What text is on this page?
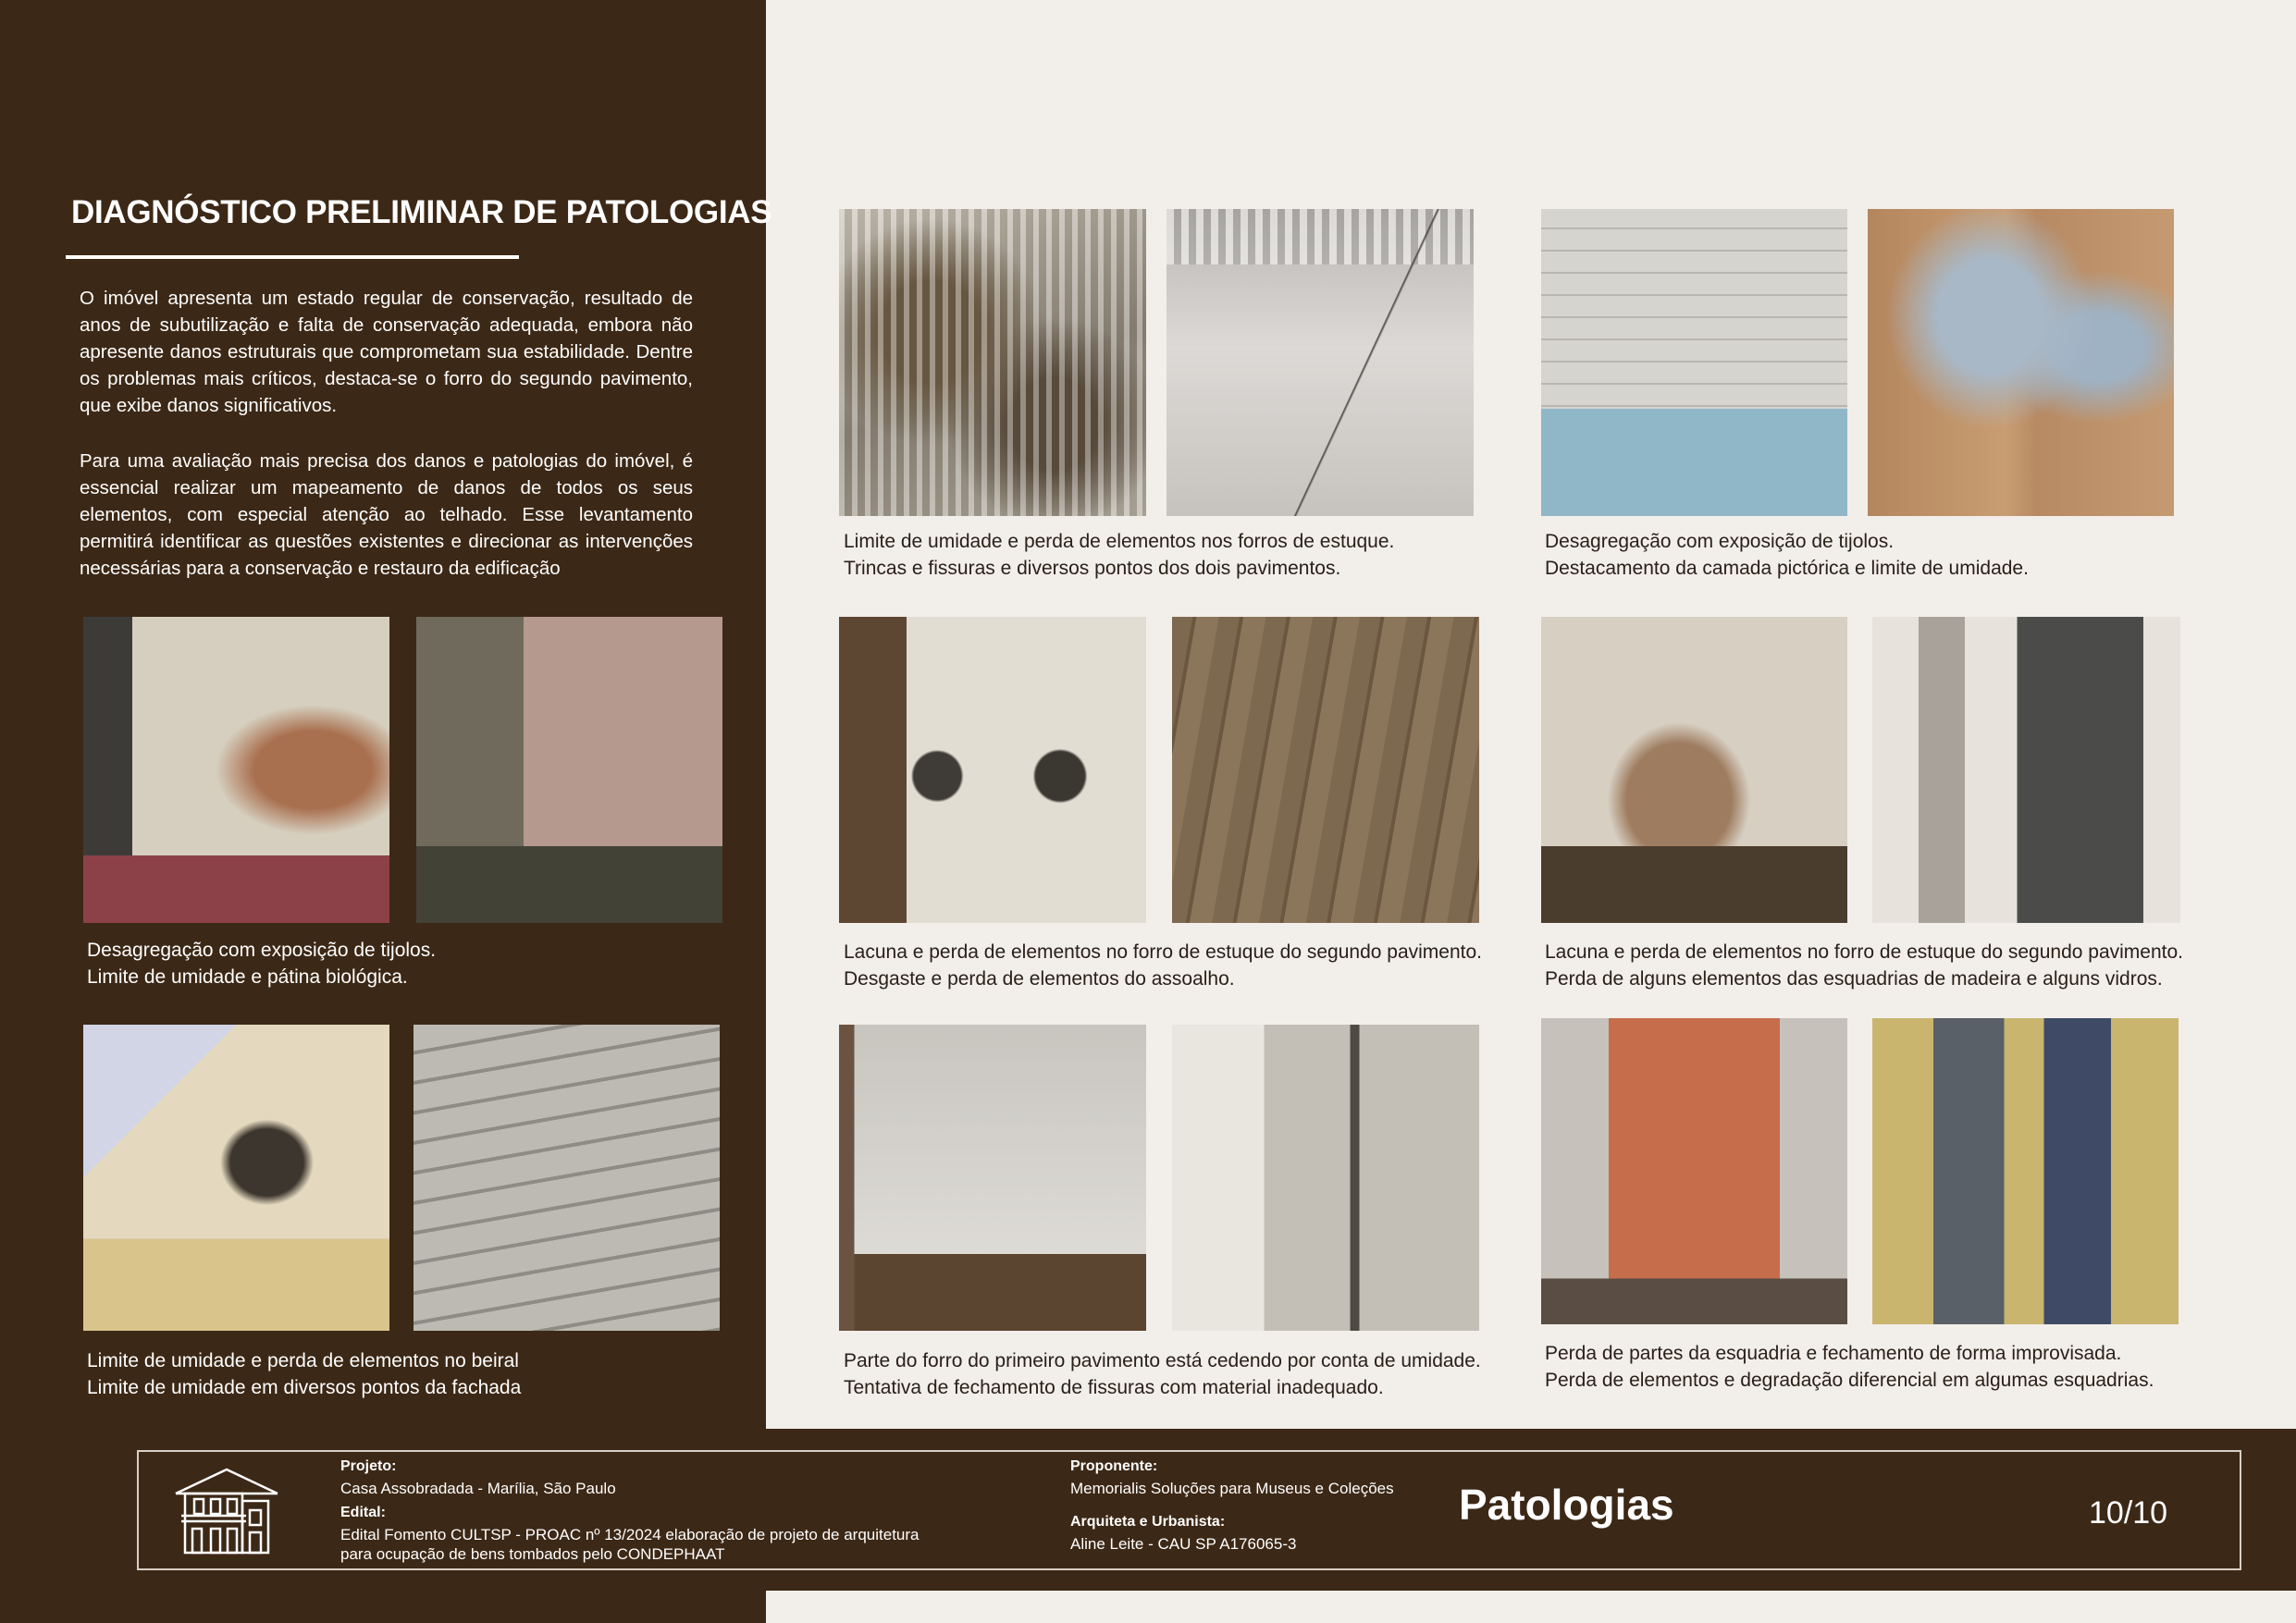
DIAGNÓSTICO PRELIMINAR DE PATOLOGIAS

O imóvel apresenta um estado regular de conservação, resultado de anos de subutilização e falta de conservação adequada, embora não apresente danos estruturais que comprometam sua estabilidade. Dentre os problemas mais críticos, destaca-se o forro do segundo pavimento, que exibe danos significativos.

Para uma avaliação mais precisa dos danos e patologias do imóvel, é essencial realizar um mapeamento de danos de todos os seus elementos, com especial atenção ao telhado. Esse levantamento permitirá identificar as questões existentes e direcionar as intervenções necessárias para a conservação e restauro da edificação

Limite de umidade e perda de elementos nos forros de estuque.
Trincas e fissuras e diversos pontos dos dois pavimentos.
Desagregação com exposição de tijolos.
Destacamento da camada pictórica e limite de umidade.
Desagregação com exposição de tijolos.
Limite de umidade e pátina biológica.
Lacuna e perda de elementos no forro de estuque do segundo pavimento.
Desgaste e perda de elementos do assoalho.
Lacuna e perda de elementos no forro de estuque do segundo pavimento.
Perda de alguns elementos das esquadrias de madeira e alguns vidros.
Limite de umidade e perda de elementos no beiral
Limite de umidade em diversos pontos da fachada
Parte do forro do primeiro pavimento está cedendo por conta de umidade.
Tentativa de fechamento de fissuras com material inadequado.
Perda de partes da esquadria e fechamento de forma improvisada.
Perda de elementos e degradação diferencial em algumas esquadrias.
Projeto:
Casa Assobradada - Marília, São Paulo
Edital:
Edital Fomento CULTSP - PROAC nº 13/2024 elaboração de projeto de arquitetura
para ocupação de bens tombados pelo CONDEPHAAT
Proponente:
Memorialis Soluções para Museus e Coleções
Arquiteta e Urbanista:
Aline Leite - CAU SP A176065-3
Patologias	10/10
